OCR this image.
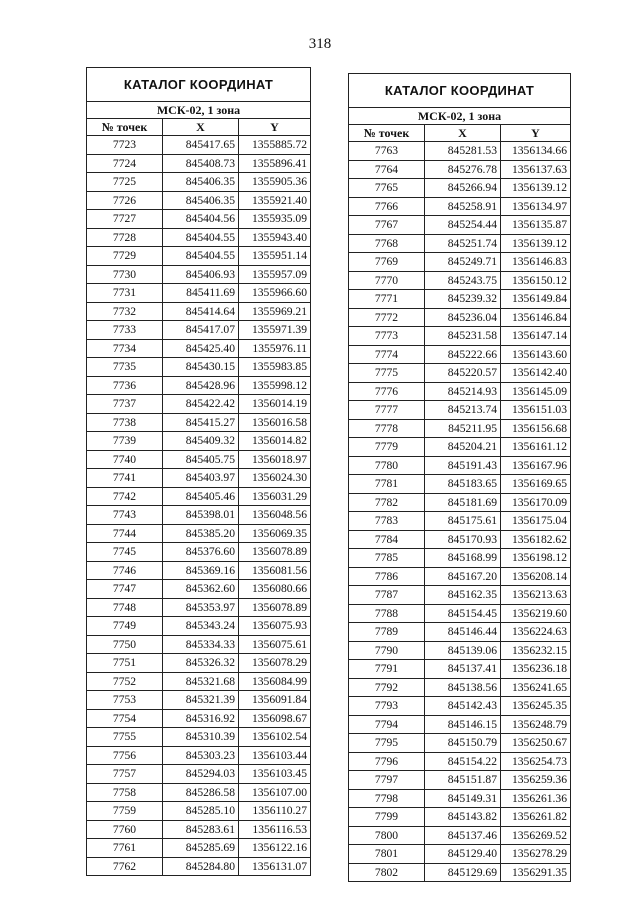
318
КАТАЛОГ КООРДИНАТ		
МСК-02, 1 зона		
№ точек	X	Y
7723	845417.65	1355885.72
7724	845408.73	1355896.41
7725	845406.35	1355905.36
7726	845406.35	1355921.40
7727	845404.56	1355935.09
7728	845404.55	1355943.40
7729	845404.55	1355951.14
7730	845406.93	1355957.09
7731	845411.69	1355966.60
7732	845414.64	1355969.21
7733	845417.07	1355971.39
7734	845425.40	1355976.11
7735	845430.15	1355983.85
7736	845428.96	1355998.12
7737	845422.42	1356014.19
7738	845415.27	1356016.58
7739	845409.32	1356014.82
7740	845405.75	1356018.97
7741	845403.97	1356024.30
7742	845405.46	1356031.29
7743	845398.01	1356048.56
7744	845385.20	1356069.35
7745	845376.60	1356078.89
7746	845369.16	1356081.56
7747	845362.60	1356080.66
7748	845353.97	1356078.89
7749	845343.24	1356075.93
7750	845334.33	1356075.61
7751	845326.32	1356078.29
7752	845321.68	1356084.99
7753	845321.39	1356091.84
7754	845316.92	1356098.67
7755	845310.39	1356102.54
7756	845303.23	1356103.44
7757	845294.03	1356103.45
7758	845286.58	1356107.00
7759	845285.10	1356110.27
7760	845283.61	1356116.53
7761	845285.69	1356122.16
7762	845284.80	1356131.07
КАТАЛОГ КООРДИНАТ		
МСК-02, 1 зона		
№ точек	X	Y
7763	845281.53	1356134.66
7764	845276.78	1356137.63
7765	845266.94	1356139.12
7766	845258.91	1356134.97
7767	845254.44	1356135.87
7768	845251.74	1356139.12
7769	845249.71	1356146.83
7770	845243.75	1356150.12
7771	845239.32	1356149.84
7772	845236.04	1356146.84
7773	845231.58	1356147.14
7774	845222.66	1356143.60
7775	845220.57	1356142.40
7776	845214.93	1356145.09
7777	845213.74	1356151.03
7778	845211.95	1356156.68
7779	845204.21	1356161.12
7780	845191.43	1356167.96
7781	845183.65	1356169.65
7782	845181.69	1356170.09
7783	845175.61	1356175.04
7784	845170.93	1356182.62
7785	845168.99	1356198.12
7786	845167.20	1356208.14
7787	845162.35	1356213.63
7788	845154.45	1356219.60
7789	845146.44	1356224.63
7790	845139.06	1356232.15
7791	845137.41	1356236.18
7792	845138.56	1356241.65
7793	845142.43	1356245.35
7794	845146.15	1356248.79
7795	845150.79	1356250.67
7796	845154.22	1356254.73
7797	845151.87	1356259.36
7798	845149.31	1356261.36
7799	845143.82	1356261.82
7800	845137.46	1356269.52
7801	845129.40	1356278.29
7802	845129.69	1356291.35
